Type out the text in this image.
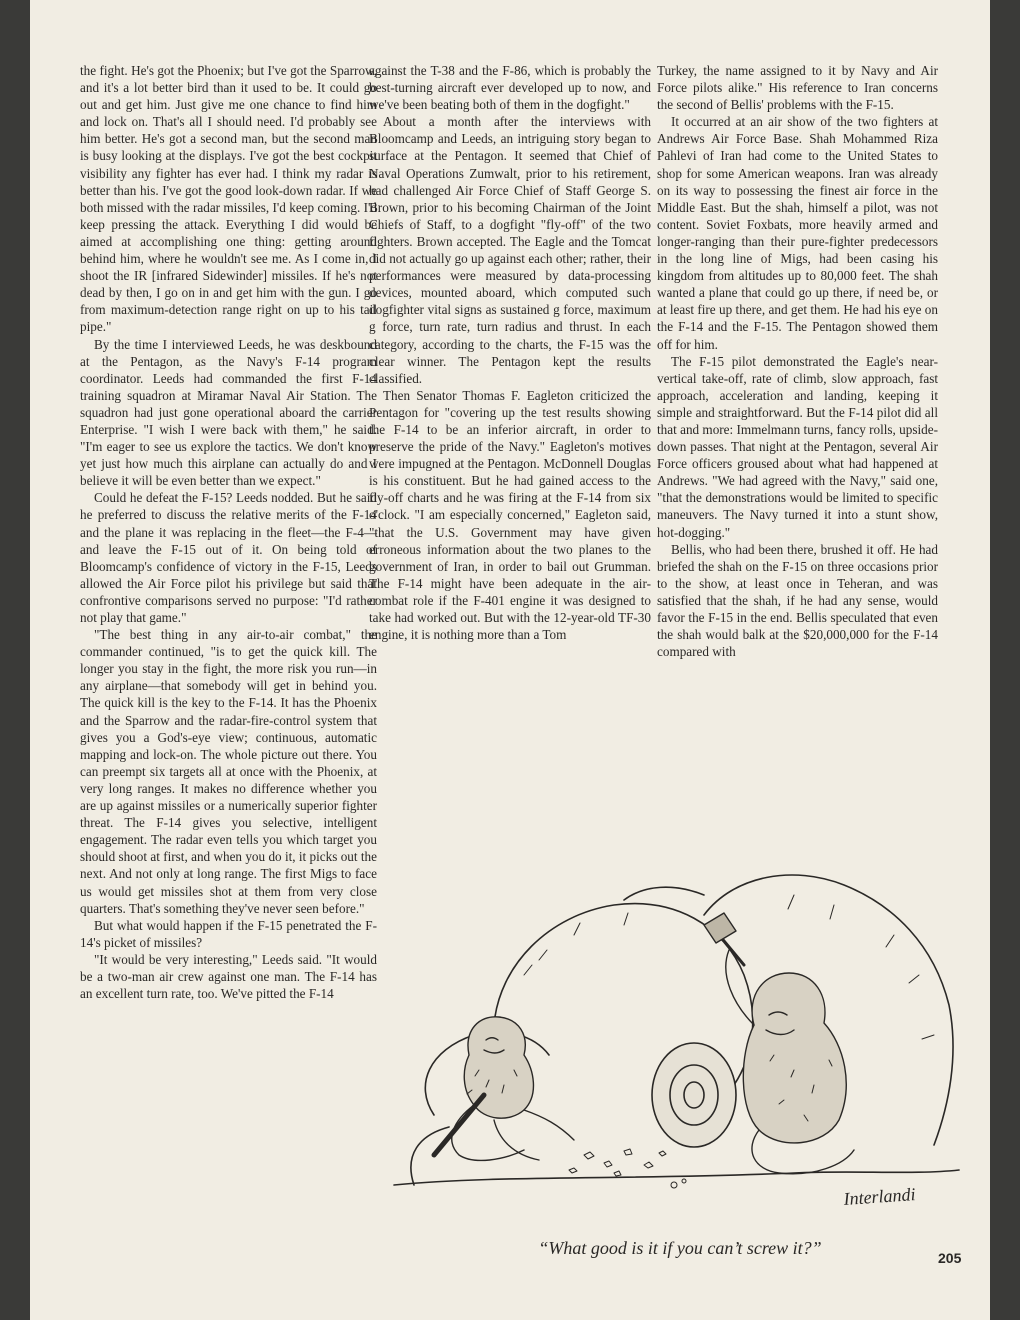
the fight. He's got the Phoenix; but I've got the Sparrow, and it's a lot better bird than it used to be. It could go out and get him. Just give me one chance to find him and lock on. That's all I should need. I'd probably see him better. He's got a second man, but the second man is busy looking at the displays. I've got the best cockpit visibility any fighter has ever had. I think my radar is better than his. I've got the good look-down radar. If we both missed with the radar missiles, I'd keep coming. I'd keep pressing the attack. Everything I did would be aimed at accomplishing one thing: getting around behind him, where he wouldn't see me. As I come in, I shoot the IR [infrared Sidewinder] missiles. If he's not dead by then, I go on in and get him with the gun. I go from maximum-detection range right on up to his tail pipe."

By the time I interviewed Leeds, he was deskbound at the Pentagon, as the Navy's F-14 program coordinator. Leeds had commanded the first F-14 training squadron at Miramar Naval Air Station. The squadron had just gone operational aboard the carrier Enterprise. "I wish I were back with them," he said. "I'm eager to see us explore the tactics. We don't know yet just how much this airplane can actually do and I believe it will be even better than we expect."

Could he defeat the F-15? Leeds nodded. But he said he preferred to discuss the relative merits of the F-14 and the plane it was replacing in the fleet—the F-4—and leave the F-15 out of it. On being told of Bloomcamp's confidence of victory in the F-15, Leeds allowed the Air Force pilot his privilege but said that confrontive comparisons served no purpose: "I'd rather not play that game."

"The best thing in any air-to-air combat," the commander continued, "is to get the quick kill. The longer you stay in the fight, the more risk you run—in any airplane—that somebody will get in behind you. The quick kill is the key to the F-14. It has the Phoenix and the Sparrow and the radar-fire-control system that gives you a God's-eye view; continuous, automatic mapping and lock-on. The whole picture out there. You can preempt six targets all at once with the Phoenix, at very long ranges. It makes no difference whether you are up against missiles or a numerically superior fighter threat. The F-14 gives you selective, intelligent engagement. The radar even tells you which target you should shoot at first, and when you do it, it picks out the next. And not only at long range. The first Migs to face us would get missiles shot at them from very close quarters. That's something they've never seen before."

But what would happen if the F-15 penetrated the F-14's picket of missiles?

"It would be very interesting," Leeds said. "It would be a two-man air crew against one man. The F-14 has an excellent turn rate, too. We've pitted the F-14

against the T-38 and the F-86, which is probably the best-turning aircraft ever developed up to now, and we've been beating both of them in the dogfight."

About a month after the interviews with Bloomcamp and Leeds, an intriguing story began to surface at the Pentagon. It seemed that Chief of Naval Operations Zumwalt, prior to his retirement, had challenged Air Force Chief of Staff George S. Brown, prior to his becoming Chairman of the Joint Chiefs of Staff, to a dogfight "fly-off" of the two fighters. Brown accepted. The Eagle and the Tomcat did not actually go up against each other; rather, their performances were measured by data-processing devices, mounted aboard, which computed such dogfighter vital signs as sustained g force, maximum g force, turn rate, turn radius and thrust. In each category, according to the charts, the F-15 was the clear winner. The Pentagon kept the results classified.

Then Senator Thomas F. Eagleton criticized the Pentagon for "covering up the test results showing the F-14 to be an inferior aircraft, in order to preserve the pride of the Navy." Eagleton's motives were impugned at the Pentagon. McDonnell Douglas is his constituent. But he had gained access to the fly-off charts and he was firing at the F-14 from six o'clock. "I am especially concerned," Eagleton said, "that the U.S. Government may have given erroneous information about the two planes to the government of Iran, in order to bail out Grumman. The F-14 might have been adequate in the air-combat role if the F-401 engine it was designed to take had worked out. But with the 12-year-old TF-30 engine, it is nothing more than a Tom

Turkey, the name assigned to it by Navy and Air Force pilots alike." His reference to Iran concerns the second of Bellis' problems with the F-15.

It occurred at an air show of the two fighters at Andrews Air Force Base. Shah Mohammed Riza Pahlevi of Iran had come to the United States to shop for some American weapons. Iran was already on its way to possessing the finest air force in the Middle East. But the shah, himself a pilot, was not content. Soviet Foxbats, more heavily armed and longer-ranging than their pure-fighter predecessors in the long line of Migs, had been casing his kingdom from altitudes up to 80,000 feet. The shah wanted a plane that could go up there, if need be, or at least fire up there, and get them. He had his eye on the F-14 and the F-15. The Pentagon showed them off for him.

The F-15 pilot demonstrated the Eagle's near-vertical take-off, rate of climb, slow approach, fast approach, acceleration and landing, keeping it simple and straightforward. But the F-14 pilot did all that and more: Immelmann turns, fancy rolls, upside-down passes. That night at the Pentagon, several Air Force officers groused about what had happened at Andrews. "We had agreed with the Navy," said one, "that the demonstrations would be limited to specific maneuvers. The Navy turned it into a stunt show, hot-dogging."

Bellis, who had been there, brushed it off. He had briefed the shah on the F-15 on three occasions prior to the show, at least once in Teheran, and was satisfied that the shah, if he had any sense, would favor the F-15 in the end. Bellis speculated that even the shah would balk at the $20,000,000 for the F-14 compared with

Interlandi
“What good is it if you can’t screw it?”	205
